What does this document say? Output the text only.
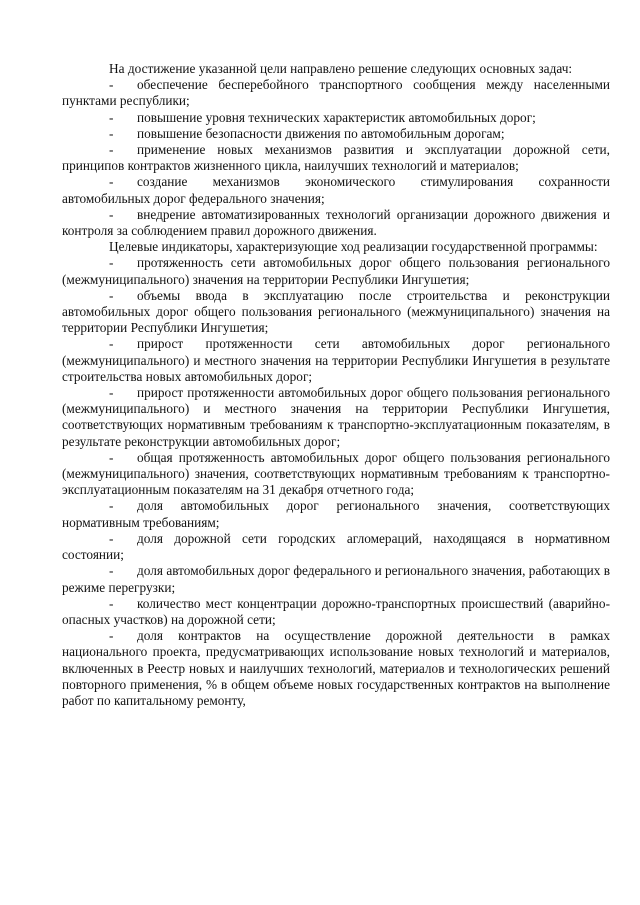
На достижение указанной цели направлено решение следующих основных задач:

- обеспечение бесперебойного транспортного сообщения между населенными пунктами республики;

- повышение уровня технических характеристик автомобильных дорог;

- повышение безопасности движения по автомобильным дорогам;

- применение новых механизмов развития и эксплуатации дорожной сети, принципов контрактов жизненного цикла, наилучших технологий и материалов;

- создание механизмов экономического стимулирования сохранности автомобильных дорог федерального значения;

- внедрение автоматизированных технологий организации дорожного движения и контроля за соблюдением правил дорожного движения.

Целевые индикаторы, характеризующие ход реализации государственной программы:

- протяженность сети автомобильных дорог общего пользования регионального (межмуниципального) значения на территории Республики Ингушетия;

- объемы ввода в эксплуатацию после строительства и реконструкции автомобильных дорог общего пользования регионального (межмуниципального) значения на территории Республики Ингушетия;

- прирост протяженности сети автомобильных дорог регионального (межмуниципального) и местного значения на территории Республики Ингушетия в результате строительства новых автомобильных дорог;

- прирост протяженности автомобильных дорог общего пользования регионального (межмуниципального) и местного значения на территории Республики Ингушетия, соответствующих нормативным требованиям к транспортно-эксплуатационным показателям, в результате реконструкции автомобильных дорог;

- общая протяженность автомобильных дорог общего пользования регионального (межмуниципального) значения, соответствующих нормативным требованиям к транспортно-эксплуатационным показателям на 31 декабря отчетного года;

- доля автомобильных дорог регионального значения, соответствующих нормативным требованиям;

- доля дорожной сети городских агломераций, находящаяся в нормативном состоянии;

- доля автомобильных дорог федерального и регионального значения, работающих в режиме перегрузки;

- количество мест концентрации дорожно-транспортных происшествий (аварийно-опасных участков) на дорожной сети;

- доля контрактов на осуществление дорожной деятельности в рамках национального проекта, предусматривающих использование новых технологий и материалов, включенных в Реестр новых и наилучших технологий, материалов и технологических решений повторного применения, % в общем объеме новых государственных контрактов на выполнение работ по капитальному ремонту,
